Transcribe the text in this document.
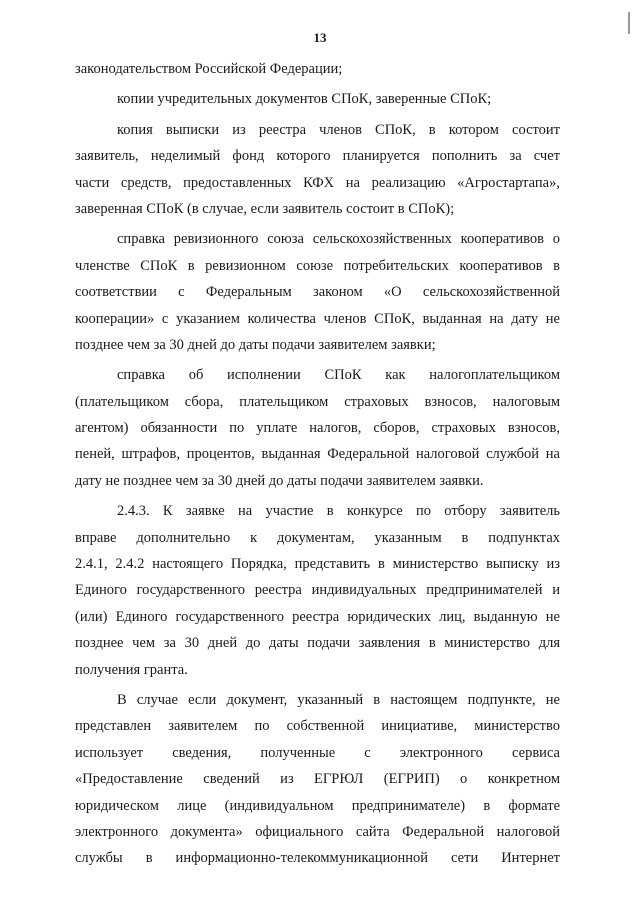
13
законодательством Российской Федерации;
копии учредительных документов СПоК, заверенные СПоК;
копия выписки из реестра членов СПоК, в котором состоит
заявитель, неделимый фонд которого планируется пополнить за счет
части средств, предоставленных КФХ на реализацию «Агростартапа»,
заверенная СПоК (в случае, если заявитель состоит в СПоК);
справка ревизионного союза сельскохозяйственных кооперативов о
членстве СПоК в ревизионном союзе потребительских кооперативов в
соответствии с Федеральным законом «О сельскохозяйственной
кооперации» с указанием количества членов СПоК, выданная на дату не
позднее чем за 30 дней до даты подачи заявителем заявки;
справка об исполнении СПоК как налогоплательщиком
(плательщиком сбора, плательщиком страховых взносов, налоговым
агентом) обязанности по уплате налогов, сборов, страховых взносов,
пеней, штрафов, процентов, выданная Федеральной налоговой службой на
дату не позднее чем за 30 дней до даты подачи заявителем заявки.
2.4.3. К заявке на участие в конкурсе по отбору заявитель
вправе дополнительно к документам, указанным в подпунктах
2.4.1, 2.4.2 настоящего Порядка, представить в министерство выписку из
Единого государственного реестра индивидуальных предпринимателей и
(или) Единого государственного реестра юридических лиц, выданную не
позднее чем за 30 дней до даты подачи заявления в министерство для
получения гранта.
В случае если документ, указанный в настоящем подпункте, не
представлен заявителем по собственной инициативе, министерство
использует сведения, полученные с электронного сервиса
«Предоставление сведений из ЕГРЮЛ (ЕГРИП) о конкретном
юридическом лице (индивидуальном предпринимателе) в формате
электронного документа» официального сайта Федеральной налоговой
службы в информационно-телекоммуникационной сети Интернет
